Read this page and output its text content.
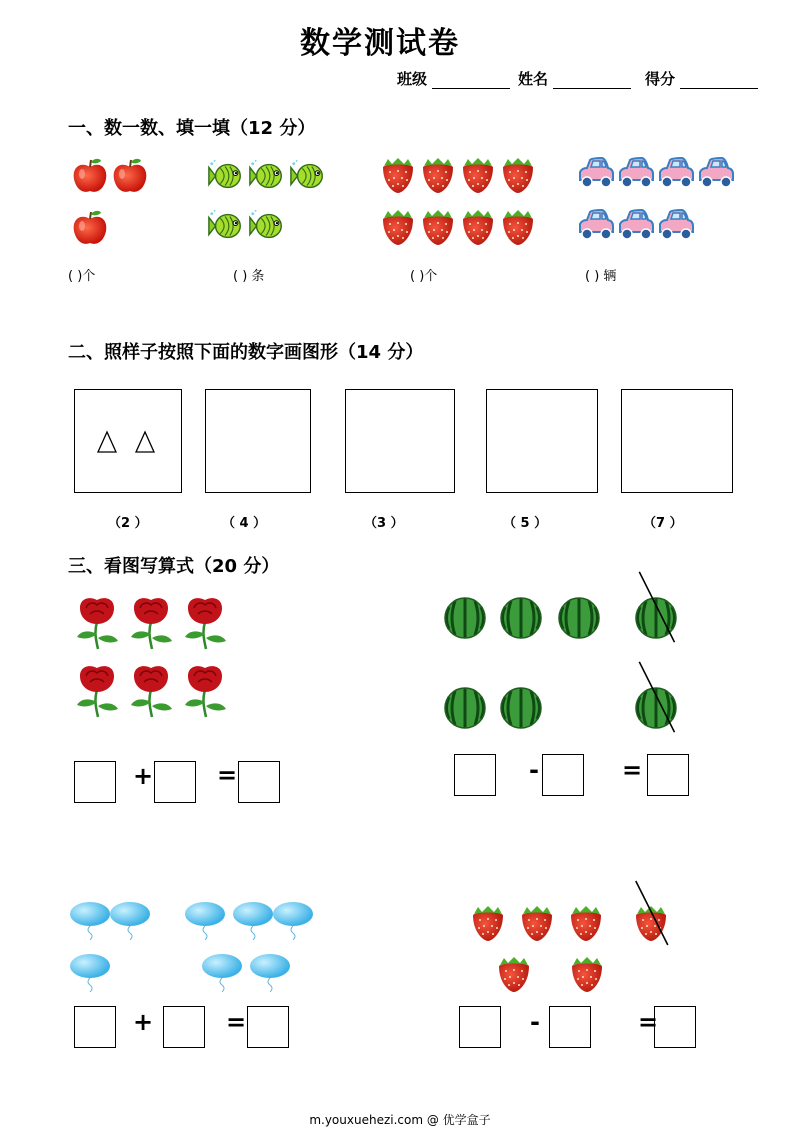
数学测试卷
班级	姓名	得分
一、数一数、填一填（12 分）
( )个	( ) 条	( )个	( ) 辆
二、照样子按照下面的数字画图形（14 分）
（2 ）	（ 4 ）	（3 ）	（ 5 ）	（7 ）
三、看图写算式（20 分）
+	=	-	=
+	=	-	=
m.youxuehezi.com @ 优学盒子
